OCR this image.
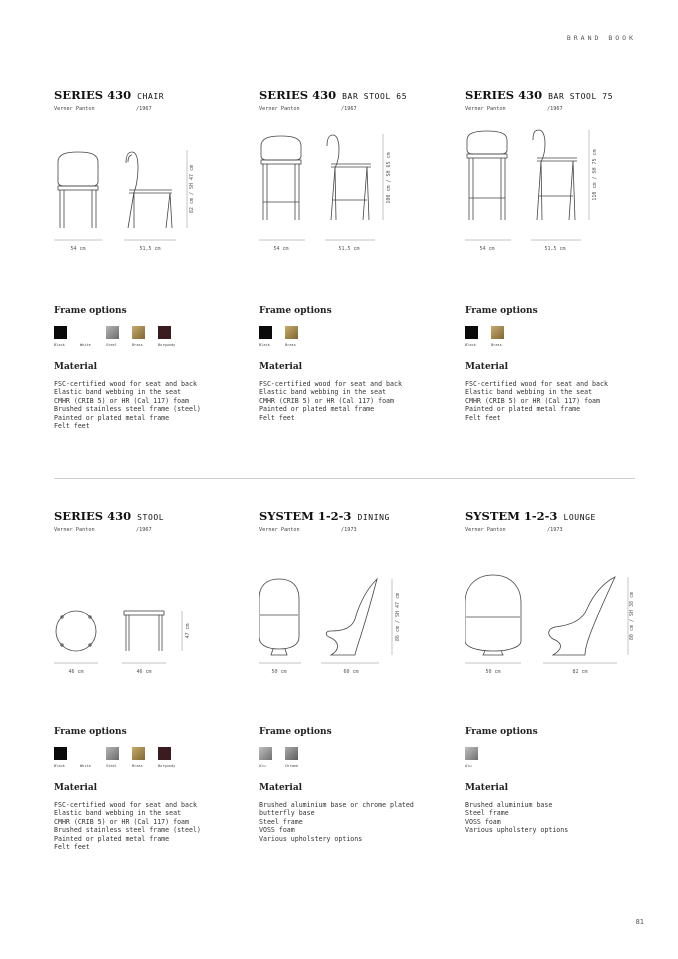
BRAND BOOK
SERIES 430 CHAIR
Verner Panton	/1967
54 cm	51,5 cm
82 cm / SH 47 cm
Frame options
Black	White	Steel	Brass	Burgundy
Material
FSC-certified wood for seat and back
Elastic band webbing in the seat
CMHR (CRIB 5) or HR (Cal 117) foam
Brushed stainless steel frame (steel)
Painted or plated metal frame
Felt feet
SERIES 430 BAR STOOL 65
Verner Panton	/1967
54 cm	51,5 cm
100 cm / SH 65 cm
Frame options
Black	Brass
Material
FSC-certified wood for seat and back
Elastic band webbing in the seat
CMHR (CRIB 5) or HR (Cal 117) foam
Painted or plated metal frame
Felt feet
SERIES 430 BAR STOOL 75
Verner Panton	/1967
54 cm	51,5 cm
110 cm / SH 75 cm
Frame options
Black	Brass
Material
FSC-certified wood for seat and back
Elastic band webbing in the seat
CMHR (CRIB 5) or HR (Cal 117) foam
Painted or plated metal frame
Felt feet
SERIES 430 STOOL
Verner Panton	/1967
46 cm	46 cm
47 cm
Frame options
Black	White	Steel	Brass	Burgundy
Material
FSC-certified wood for seat and back
Elastic band webbing in the seat
CMHR (CRIB 5) or HR (Cal 117) foam
Brushed stainless steel frame (steel)
Painted or plated metal frame
Felt feet
SYSTEM 1-2-3 DINING
Verner Panton	/1973
50 cm	60 cm
86 cm / SH 47 cm
Frame options
Alu	Chrome
Material
Brushed aluminium base or chrome plated
butterfly base
Steel frame
VOSS foam
Various upholstery options
SYSTEM 1-2-3 LOUNGE
Verner Panton	/1973
50 cm	82 cm
80 cm / SH 38 cm
Frame options
Alu
Material
Brushed aluminium base
Steel frame
VOSS foam
Various upholstery options
81
